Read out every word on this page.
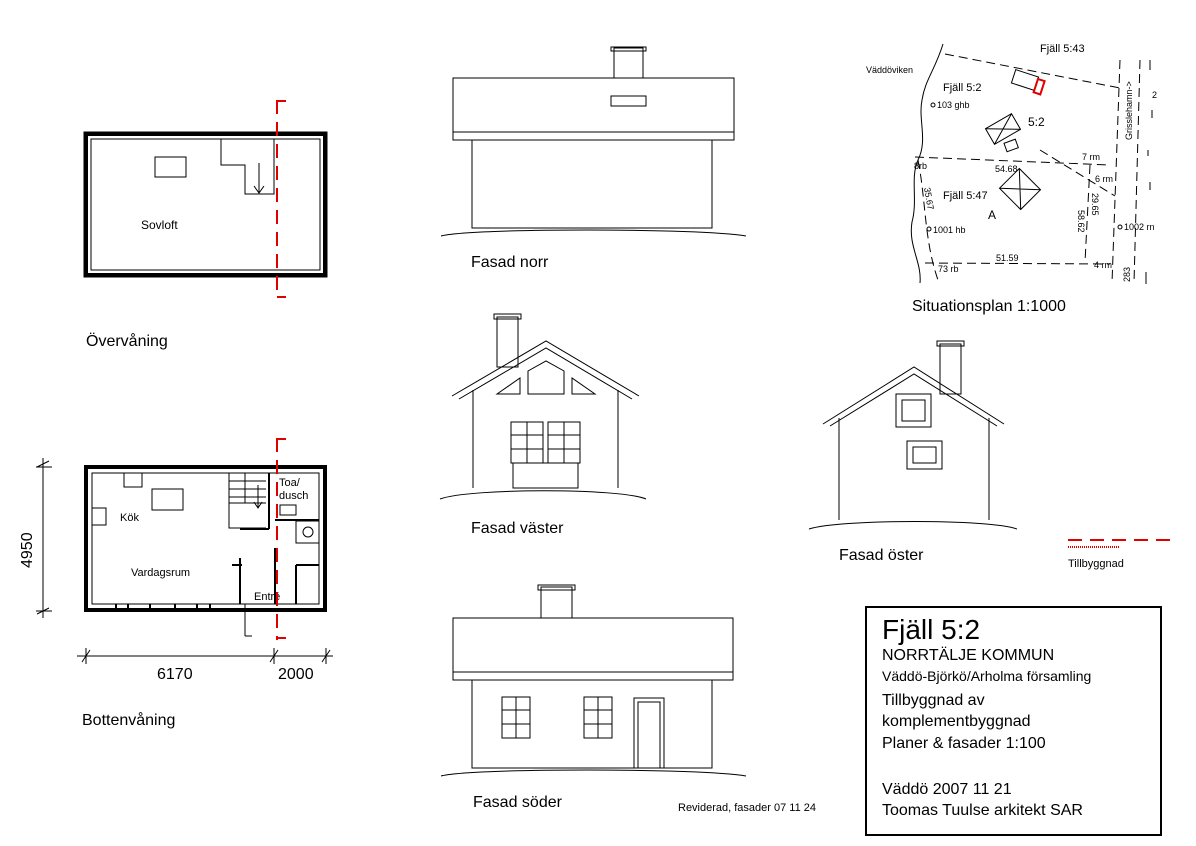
Sovloft
Övervåning
Kök
Vardagsrum
Toa/
dusch
Entré
4950
6170	2000
Bottenvåning
Fasad norr
Fasad väster
Fasad öster
Fasad söder
Väddöviken
Fjäll 5:43
Fjäll 5:2
Fjäll 5:47
5:2	Grisslehamn->
103 ghb
1001 hb	1002 rn
A
8rb
73 rb
7 rm
6 rm
4 rm
54.68
51.59
35.67	29.65
58.62
283
2
Situationsplan 1:1000
Tillbyggnad
Reviderad, fasader 07 11 24
Fjäll 5:2
NORRTÄLJE KOMMUN
Väddö-Björkö/Arholma församling
Tillbyggnad av
komplementbyggnad
Planer & fasader 1:100
Väddö 2007 11 21
Toomas Tuulse arkitekt SAR
